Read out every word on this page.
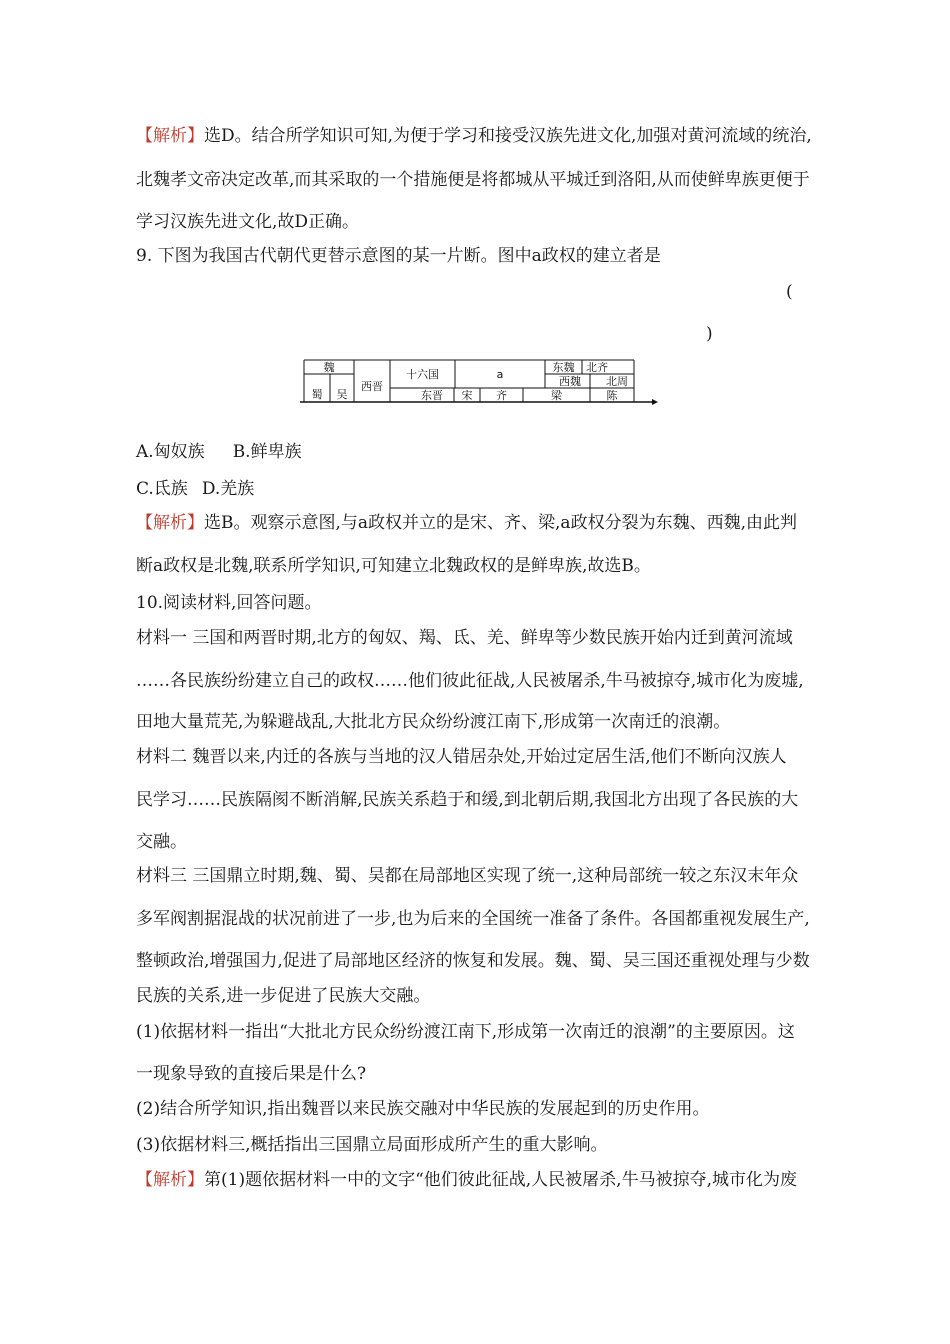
【解析】选D。结合所学知识可知,为便于学习和接受汉族先进文化,加强对黄河流域的统治,
北魏孝文帝决定改革,而其采取的一个措施便是将都城从平城迁到洛阳,从而使鲜卑族更便于
学习汉族先进文化,故D正确。
9. 下图为我国古代朝代更替示意图的某一片断。图中a政权的建立者是
(
)
魏
蜀	吴
西晋
十六国	a
东魏	北齐
西魏	北周
东晋	宋	齐	梁	陈
A.匈奴族 B.鲜卑族
C.氐族 D.羌族
【解析】选B。观察示意图,与a政权并立的是宋、齐、梁,a政权分裂为东魏、西魏,由此判
断a政权是北魏,联系所学知识,可知建立北魏政权的是鲜卑族,故选B。
10.阅读材料,回答问题。
材料一 三国和两晋时期,北方的匈奴、羯、氐、羌、鲜卑等少数民族开始内迁到黄河流域
……各民族纷纷建立自己的政权……他们彼此征战,人民被屠杀,牛马被掠夺,城市化为废墟,
田地大量荒芜,为躲避战乱,大批北方民众纷纷渡江南下,形成第一次南迁的浪潮。
材料二 魏晋以来,内迁的各族与当地的汉人错居杂处,开始过定居生活,他们不断向汉族人
民学习……民族隔阂不断消解,民族关系趋于和缓,到北朝后期,我国北方出现了各民族的大
交融。
材料三 三国鼎立时期,魏、蜀、吴都在局部地区实现了统一,这种局部统一较之东汉末年众
多军阀割据混战的状况前进了一步,也为后来的全国统一准备了条件。各国都重视发展生产,
整顿政治,增强国力,促进了局部地区经济的恢复和发展。魏、蜀、吴三国还重视处理与少数
民族的关系,进一步促进了民族大交融。
(1)依据材料一指出“大批北方民众纷纷渡江南下,形成第一次南迁的浪潮”的主要原因。这
一现象导致的直接后果是什么?
(2)结合所学知识,指出魏晋以来民族交融对中华民族的发展起到的历史作用。
(3)依据材料三,概括指出三国鼎立局面形成所产生的重大影响。
【解析】第(1)题依据材料一中的文字“他们彼此征战,人民被屠杀,牛马被掠夺,城市化为废
